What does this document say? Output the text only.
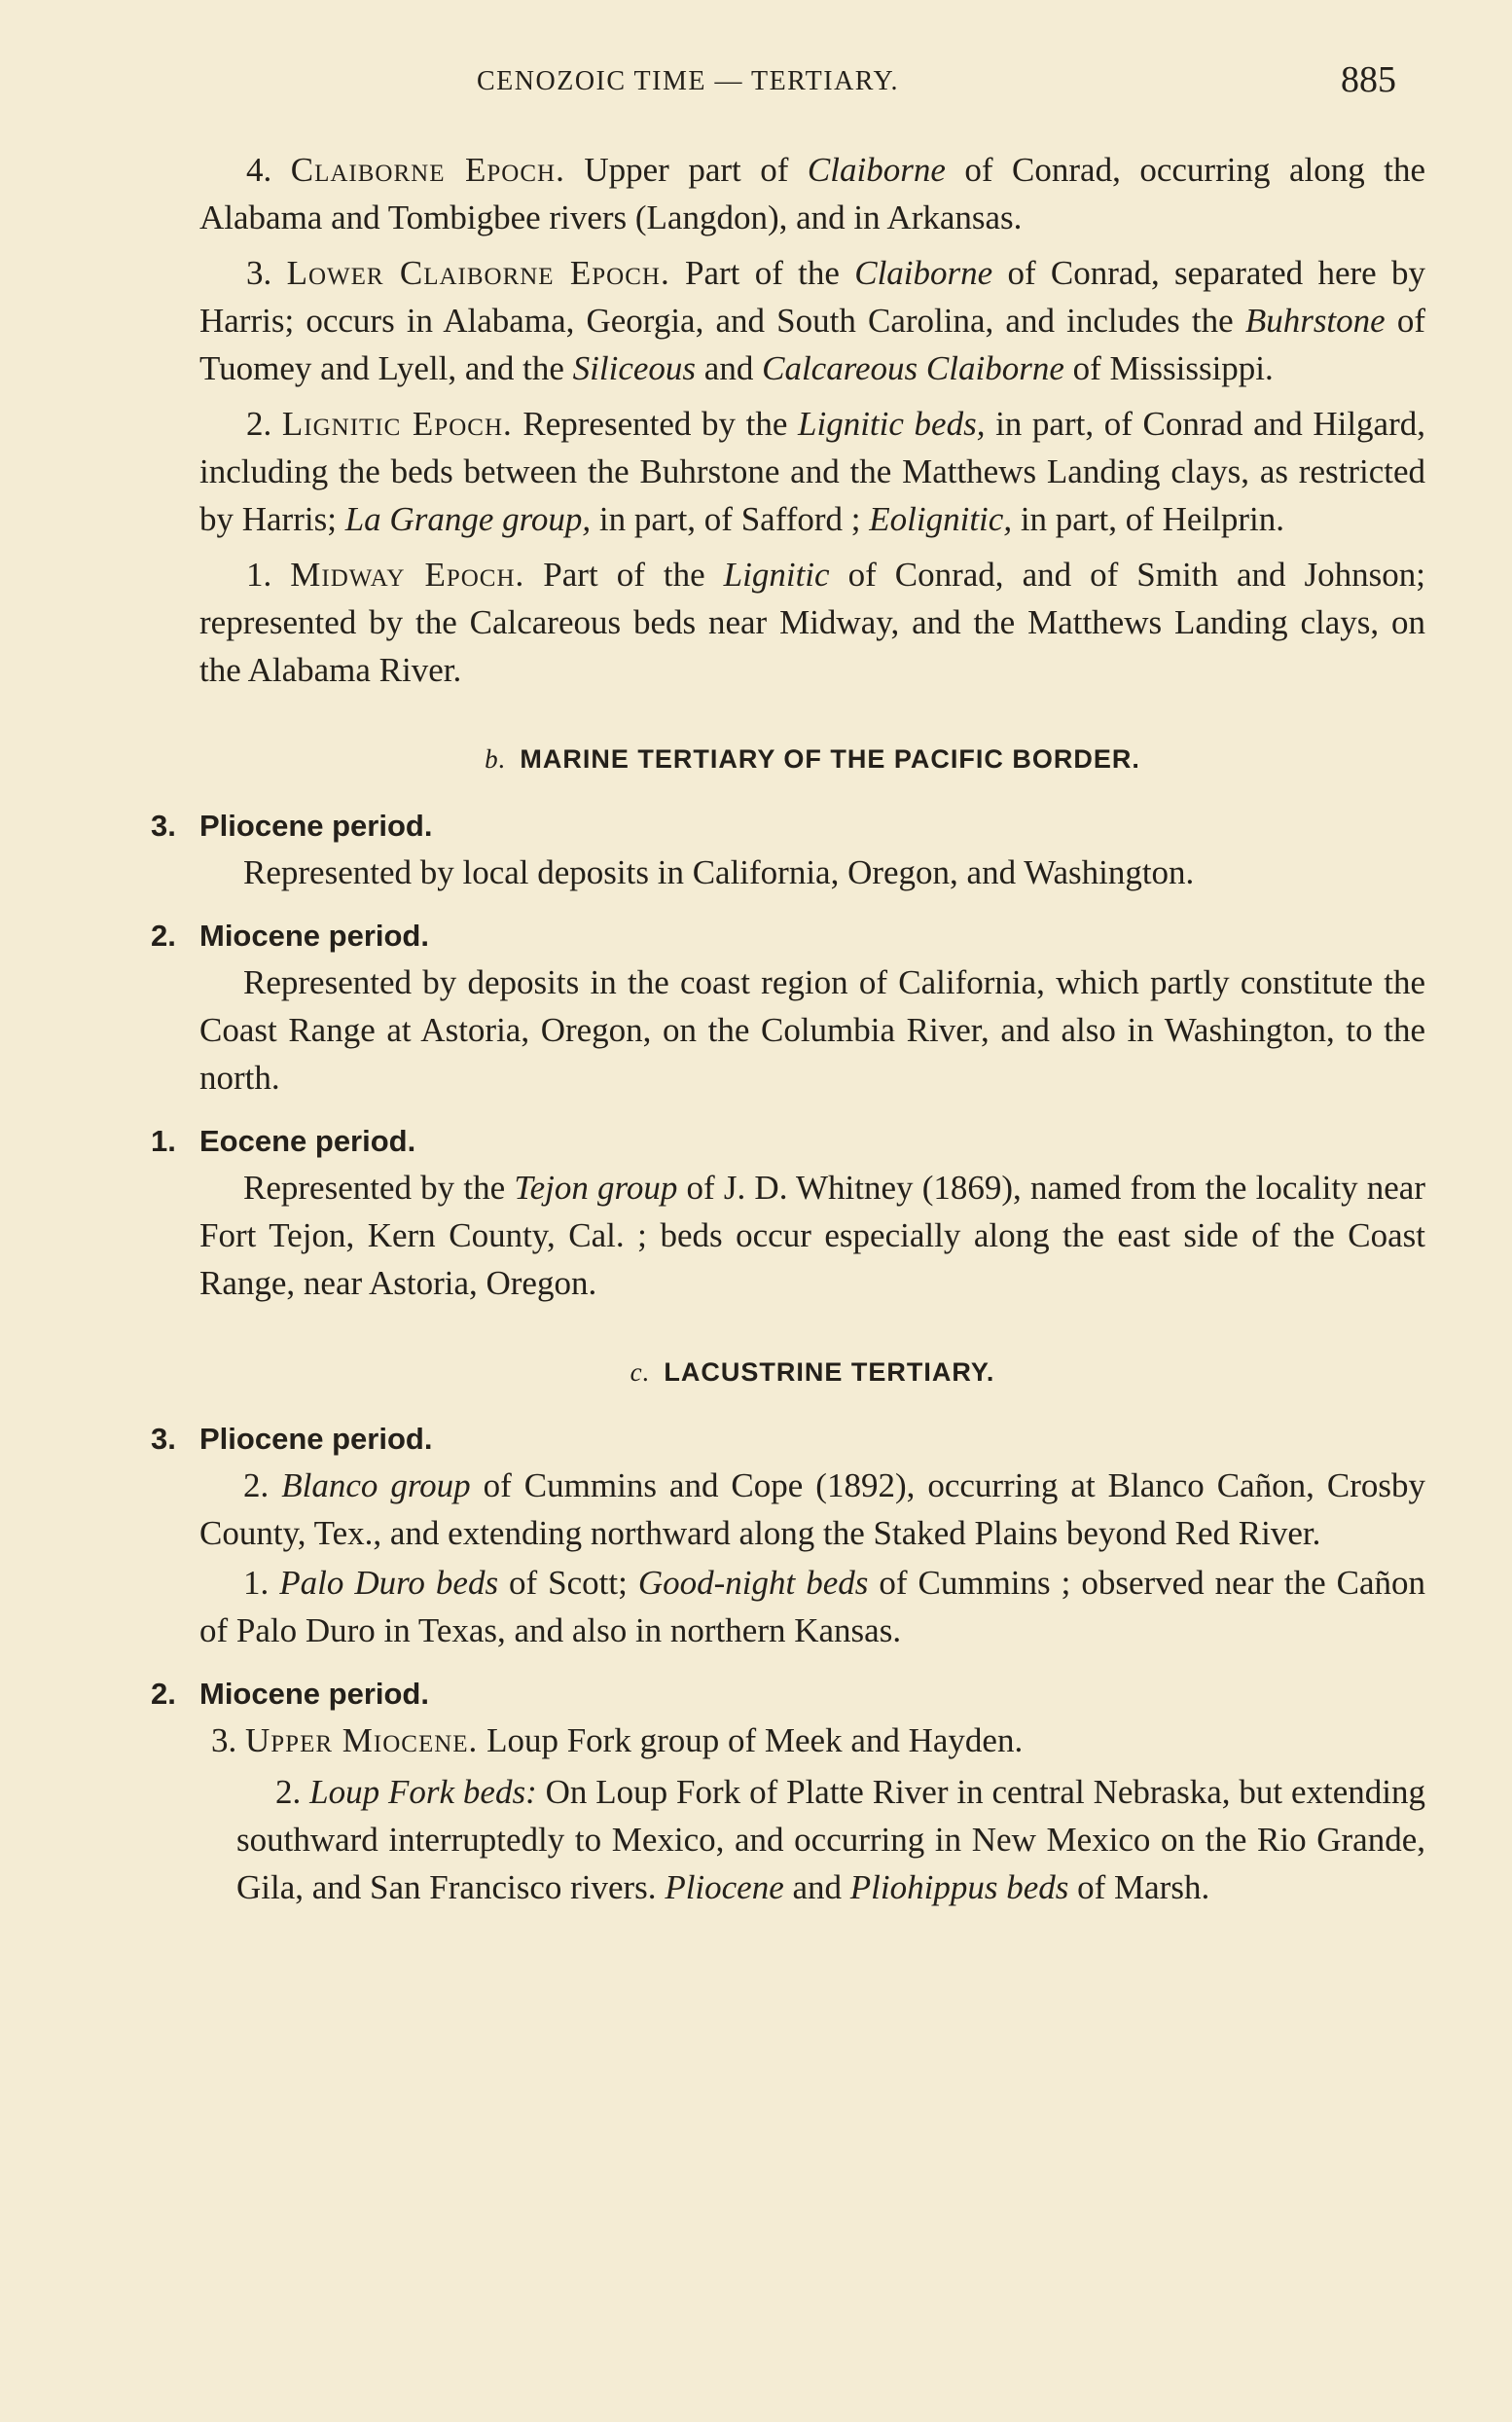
CENOZOIC TIME — TERTIARY.	885

4. Claiborne Epoch. Upper part of Claiborne of Conrad, occurring along the Alabama and Tombigbee rivers (Langdon), and in Arkansas.

3. Lower Claiborne Epoch. Part of the Claiborne of Conrad, separated here by Harris; occurs in Alabama, Georgia, and South Carolina, and includes the Buhrstone of Tuomey and Lyell, and the Siliceous and Calcareous Claiborne of Mississippi.

2. Lignitic Epoch. Represented by the Lignitic beds, in part, of Conrad and Hilgard, including the beds between the Buhrstone and the Matthews Landing clays, as restricted by Harris; La Grange group, in part, of Safford ; Eolignitic, in part, of Heilprin.

1. Midway Epoch. Part of the Lignitic of Conrad, and of Smith and Johnson; represented by the Calcareous beds near Midway, and the Matthews Landing clays, on the Alabama River.

b. MARINE TERTIARY OF THE PACIFIC BORDER.
3. Pliocene period.

Represented by local deposits in California, Oregon, and Washington.

2. Miocene period.

Represented by deposits in the coast region of California, which partly constitute the Coast Range at Astoria, Oregon, on the Columbia River, and also in Washington, to the north.

1. Eocene period.

Represented by the Tejon group of J. D. Whitney (1869), named from the locality near Fort Tejon, Kern County, Cal. ; beds occur especially along the east side of the Coast Range, near Astoria, Oregon.

c. LACUSTRINE TERTIARY.
3. Pliocene period.

2. Blanco group of Cummins and Cope (1892), occurring at Blanco Cañon, Crosby County, Tex., and extending northward along the Staked Plains beyond Red River.

1. Palo Duro beds of Scott; Good-night beds of Cummins ; observed near the Cañon of Palo Duro in Texas, and also in northern Kansas.

2. Miocene period.

3. Upper Miocene. Loup Fork group of Meek and Hayden.

2. Loup Fork beds: On Loup Fork of Platte River in central Nebraska, but extending southward interruptedly to Mexico, and occurring in New Mexico on the Rio Grande, Gila, and San Francisco rivers. Pliocene and Pliohippus beds of Marsh.
